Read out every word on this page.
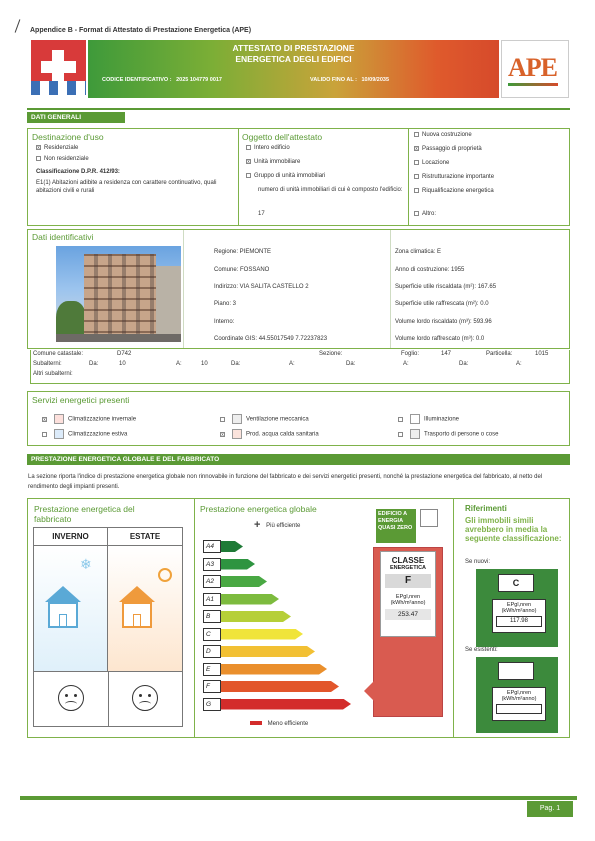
Appendice B - Format di Attestato di Prestazione Energetica (APE)
ATTESTATO DI PRESTAZIONE
ENERGETICA DEGLI EDIFICI
CODICE IDENTIFICATIVO : 2025 104779 0017	VALIDO FINO AL : 10/09/2035	APE
DATI GENERALI
Destinazione d'uso
x Residenziale
Non residenziale
Classificazione D.P.R. 412/93:
E1(1) Abitazioni adibite a residenza con carattere continuativo, quali abitazioni civili e rurali
Oggetto dell'attestato
Intero edificio
x Unità immobiliare
Gruppo di unità immobiliari
numero di unità immobiliari di cui è composto l'edificio:
17
Nuova costruzione
x Passaggio di proprietà
Locazione
Ristrutturazione importante
Riqualificazione energetica
Altro:
Dati identificativi
Regione: PIEMONTE
Comune: FOSSANO
Indirizzo: VIA SALITA CASTELLO 2
Piano: 3
Interno:
Coordinate GIS: 44.55017549 7.72237823
Zona climatica: E
Anno di costruzione: 1955
Superficie utile riscaldata (m²): 167.65
Superficie utile raffrescata (m²): 0.0
Volume lordo riscaldato (m³): 593.96
Volume lordo raffrescato (m³): 0.0
Comune catastale:	D742	Sezione:	Foglio:	147	Particella:	1015
Subalterni:	Da:	10	A:	10	Da:	A:	Da:	A:	Da:	A:
Altri subalterni:
Servizi energetici presenti
x	Climatizzazione invernale
Climatizzazione estiva
Ventilazione meccanica
x	Prod. acqua calda sanitaria
Illuminazione
Trasporto di persone o cose
PRESTAZIONE ENERGETICA GLOBALE E DEL FABBRICATO
La sezione riporta l'indice di prestazione energetica globale non rinnovabile in funzione del fabbricato e dei servizi energetici presenti, nonché la prestazione energetica del fabbricato, al netto del rendimento degli impianti presenti.
Prestazione energetica del
fabbricato
INVERNO	ESTATE
❄
Prestazione energetica globale
+ Più efficiente
A4
A3
A2
A1
B
C
D
E
F
G
Meno efficiente
EDIFICIO A ENERGIA QUASI ZERO
CLASSE
ENERGETICA
F
EPgl,nren
(kWh/m²anno)
253.47
Riferimenti
Gli immobili simili avrebbero in media la seguente classificazione:
Se nuovi:
C
EPgl,nren
(kWh/m²anno)
117.98
Se esistenti:
EPgl,nren
(kWh/m²anno)
Pag. 1
